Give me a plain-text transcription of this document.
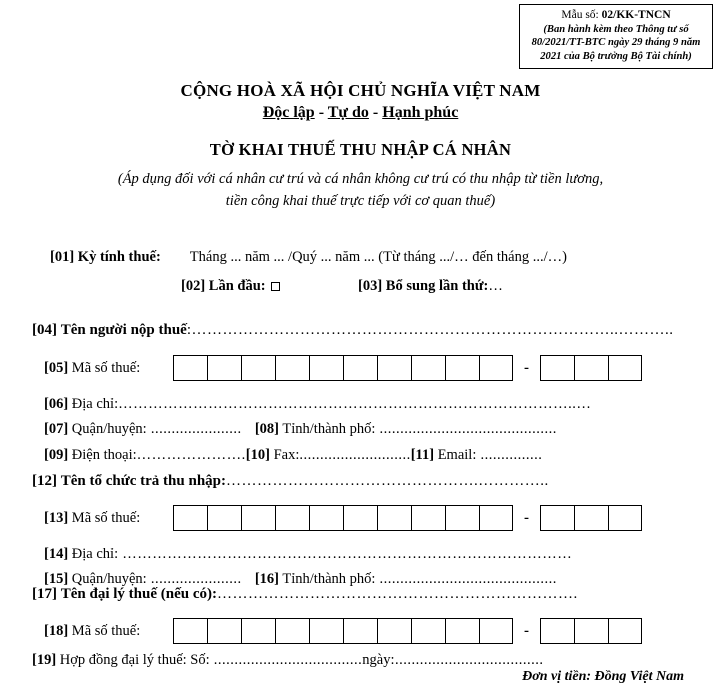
Mẫu số: 02/KK-TNCN
(Ban hành kèm theo Thông tư số
80/2021/TT-BTC ngày 29 tháng 9 năm
2021 của Bộ trưởng Bộ Tài chính)
CỘNG HOÀ XÃ HỘI CHỦ NGHĨA VIỆT NAM
Độc lập - Tự do - Hạnh phúc
TỜ KHAI THUẾ THU NHẬP CÁ NHÂN
(Áp dụng đối với cá nhân cư trú và cá nhân không cư trú có thu nhập từ tiền lương,
tiền công khai thuế trực tiếp với cơ quan thuế)
[01] Kỳ tính thuế: Tháng ... năm ... /Quý ... năm ... (Từ tháng .../… đến tháng .../…)
[02] Lần đầu:	[03] Bổ sung lần thứ:…
[04] Tên người nộp thuế:………………………………………………………………………..………..
[05] Mã số thuế:	-
[06] Địa chỉ:………………………………………………………………………………..…
[07] Quận/huyện: ...................... [08] Tỉnh/thành phố: ...........................................
[09] Điện thoại:………………….[10] Fax:...........................[11] Email: ...............
[12] Tên tổ chức trả thu nhập:………………………………………….…………..
[13] Mã số thuế:	-
[14] Địa chỉ: ………………………………………………………………………………
[15] Quận/huyện: ...................... [16] Tỉnh/thành phố: ...........................................
[17] Tên đại lý thuế (nếu có):…………………………………………………………….
[18] Mã số thuế:	-
[19] Hợp đồng đại lý thuế: Số: ....................................ngày:....................................
Đơn vị tiền: Đồng Việt Nam
